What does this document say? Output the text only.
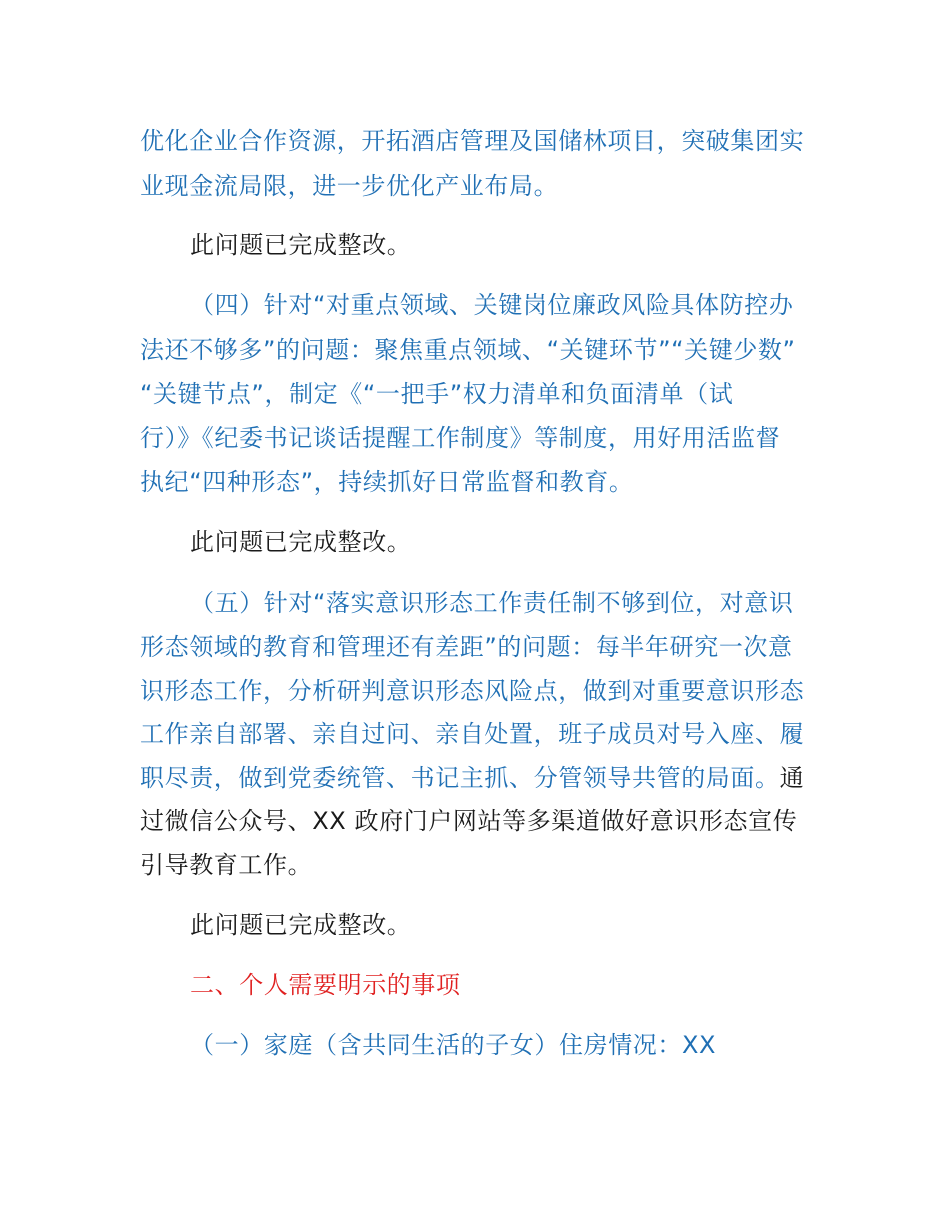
优化企业合作资源，开拓酒店管理及国储林项目，突破集团实
业现金流局限，进一步优化产业布局。
此问题已完成整改。
（四）针对“对重点领域、关键岗位廉政风险具体防控办
法还不够多”的问题：聚焦重点领域、“关键环节”“关键少数”
“关键节点”，制定《“一把手”权力清单和负面清单（试
行）》《纪委书记谈话提醒工作制度》等制度，用好用活监督
执纪“四种形态”，持续抓好日常监督和教育。
此问题已完成整改。
（五）针对“落实意识形态工作责任制不够到位，对意识
形态领域的教育和管理还有差距”的问题：每半年研究一次意
识形态工作，分析研判意识形态风险点，做到对重要意识形态
工作亲自部署、亲自过问、亲自处置，班子成员对号入座、履
职尽责，做到党委统管、书记主抓、分管领导共管的局面。通
过微信公众号、XX 政府门户网站等多渠道做好意识形态宣传
引导教育工作。
此问题已完成整改。
二、个人需要明示的事项
（一）家庭（含共同生活的子女）住房情况：XX
